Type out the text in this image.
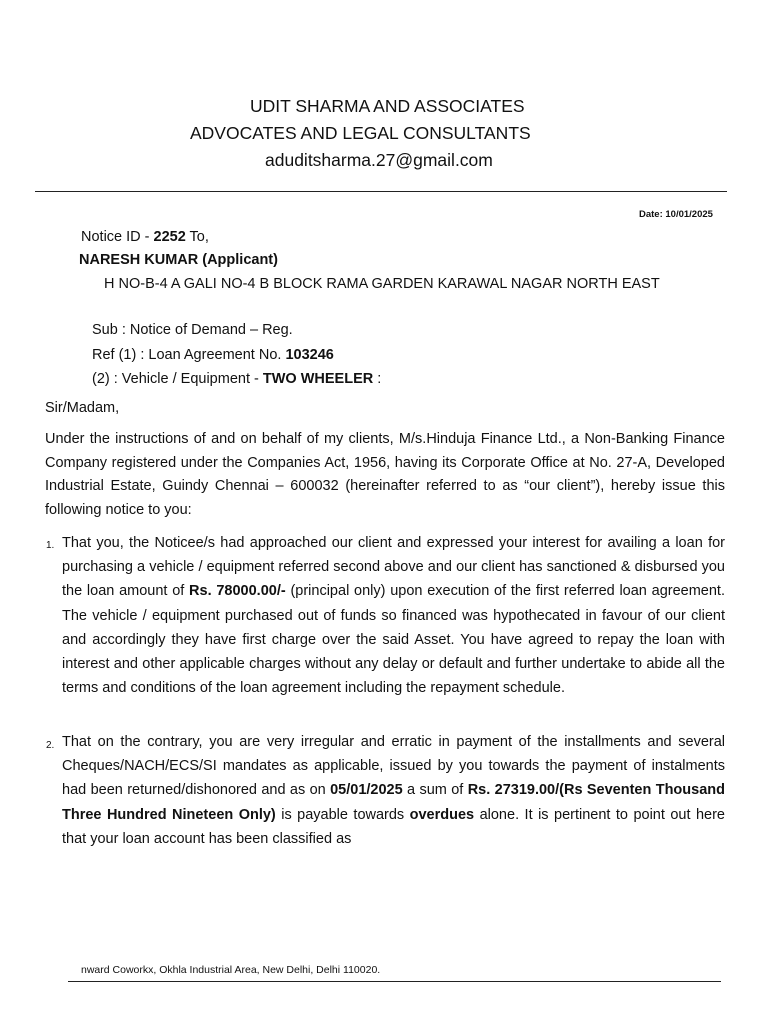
UDIT SHARMA AND ASSOCIATES
ADVOCATES AND LEGAL CONSULTANTS
aduditsharma.27@gmail.com
Date: 10/01/2025
Notice ID - 2252 To,
NARESH KUMAR (Applicant)
H NO-B-4 A GALI NO-4 B BLOCK RAMA GARDEN KARAWAL NAGAR NORTH EAST
Sub : Notice of Demand – Reg.
Ref (1) : Loan Agreement No. 103246
(2) : Vehicle / Equipment - TWO WHEELER :
Sir/Madam,
Under the instructions of and on behalf of my clients, M/s.Hinduja Finance Ltd., a Non-Banking Finance Company registered under the Companies Act, 1956, having its Corporate Office at No. 27-A, Developed Industrial Estate, Guindy Chennai – 600032 (hereinafter referred to as “our client”), hereby issue this following notice to you:
1. That you, the Noticee/s had approached our client and expressed your interest for availing a loan for purchasing a vehicle / equipment referred second above and our client has sanctioned & disbursed you the loan amount of Rs. 78000.00/- (principal only) upon execution of the first referred loan agreement. The vehicle / equipment purchased out of funds so financed was hypothecated in favour of our client and accordingly they have first charge over the said Asset. You have agreed to repay the loan with interest and other applicable charges without any delay or default and further undertake to abide all the terms and conditions of the loan agreement including the repayment schedule.
2. That on the contrary, you are very irregular and erratic in payment of the installments and several Cheques/NACH/ECS/SI mandates as applicable, issued by you towards the payment of instalments had been returned/dishonored and as on 05/01/2025 a sum of Rs. 27319.00/(Rs Seventen Thousand Three Hundred Nineteen Only) is payable towards overdues alone. It is pertinent to point out here that your loan account has been classified as
nward Coworkx, Okhla Industrial Area, New Delhi, Delhi 110020.
